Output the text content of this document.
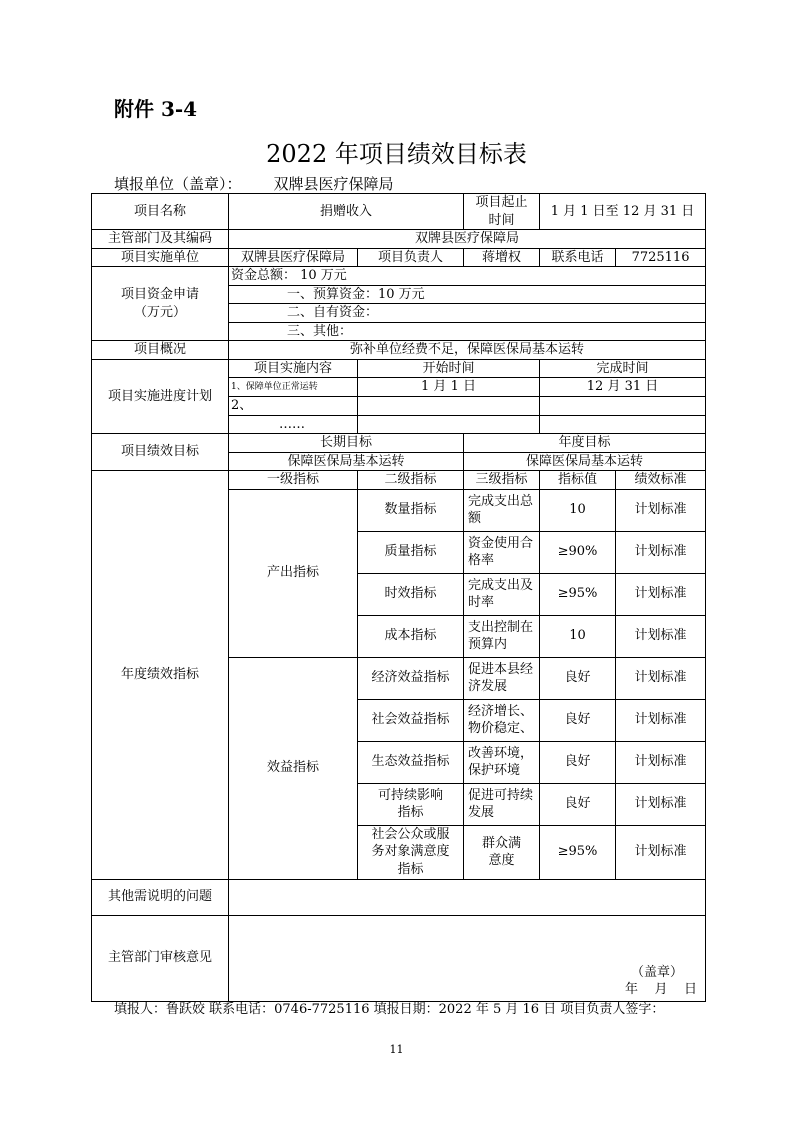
附件 3-4
2022 年项目绩效目标表
填报单位（盖章）： 双牌县医疗保障局
项目名称	捐赠收入		项目起止时间	1 月 1 日至 12 月 31 日	
主管部门及其编码	双牌县医疗保障局				
项目实施单位	双牌县医疗保障局	项目负责人	蒋增权	联系电话	7725116
项目资金申请（万元）	资金总额： 10 万元				
	一、预算资金：10 万元				
	二、自有资金：				
	三、其他：				
项目概况	弥补单位经费不足，保障医保局基本运转				
项目实施进度计划	项目实施内容	开始时间		完成时间	
	1、保障单位正常运转	1 月 1 日		12 月 31 日	
	2、				
	……				
项目绩效目标	长期目标		年度目标		
	保障医保局基本运转		保障医保局基本运转		
年度绩效指标	一级指标	二级指标	三级指标	指标值	绩效标准
	产出指标	数量指标	完成支出总额	10	计划标准
		质量指标	资金使用合格率	≥90%	计划标准
		时效指标	完成支出及时率	≥95%	计划标准
		成本指标	支出控制在预算内	10	计划标准
	效益指标	经济效益指标	促进本县经济发展	良好	计划标准
		社会效益指标	经济增长、物价稳定、	良好	计划标准
		生态效益指标	改善环境，保护环境	良好	计划标准
		可持续影响指标	促进可持续发展	良好	计划标准
		社会公众或服务对象满意度指标	群众满意度	≥95%	计划标准
其他需说明的问题					
主管部门审核意见	（盖章）
年    月    日				
填报人：鲁跃姣 联系电话：0746-7725116 填报日期：2022 年 5 月 16 日 项目负责人签字：
11
